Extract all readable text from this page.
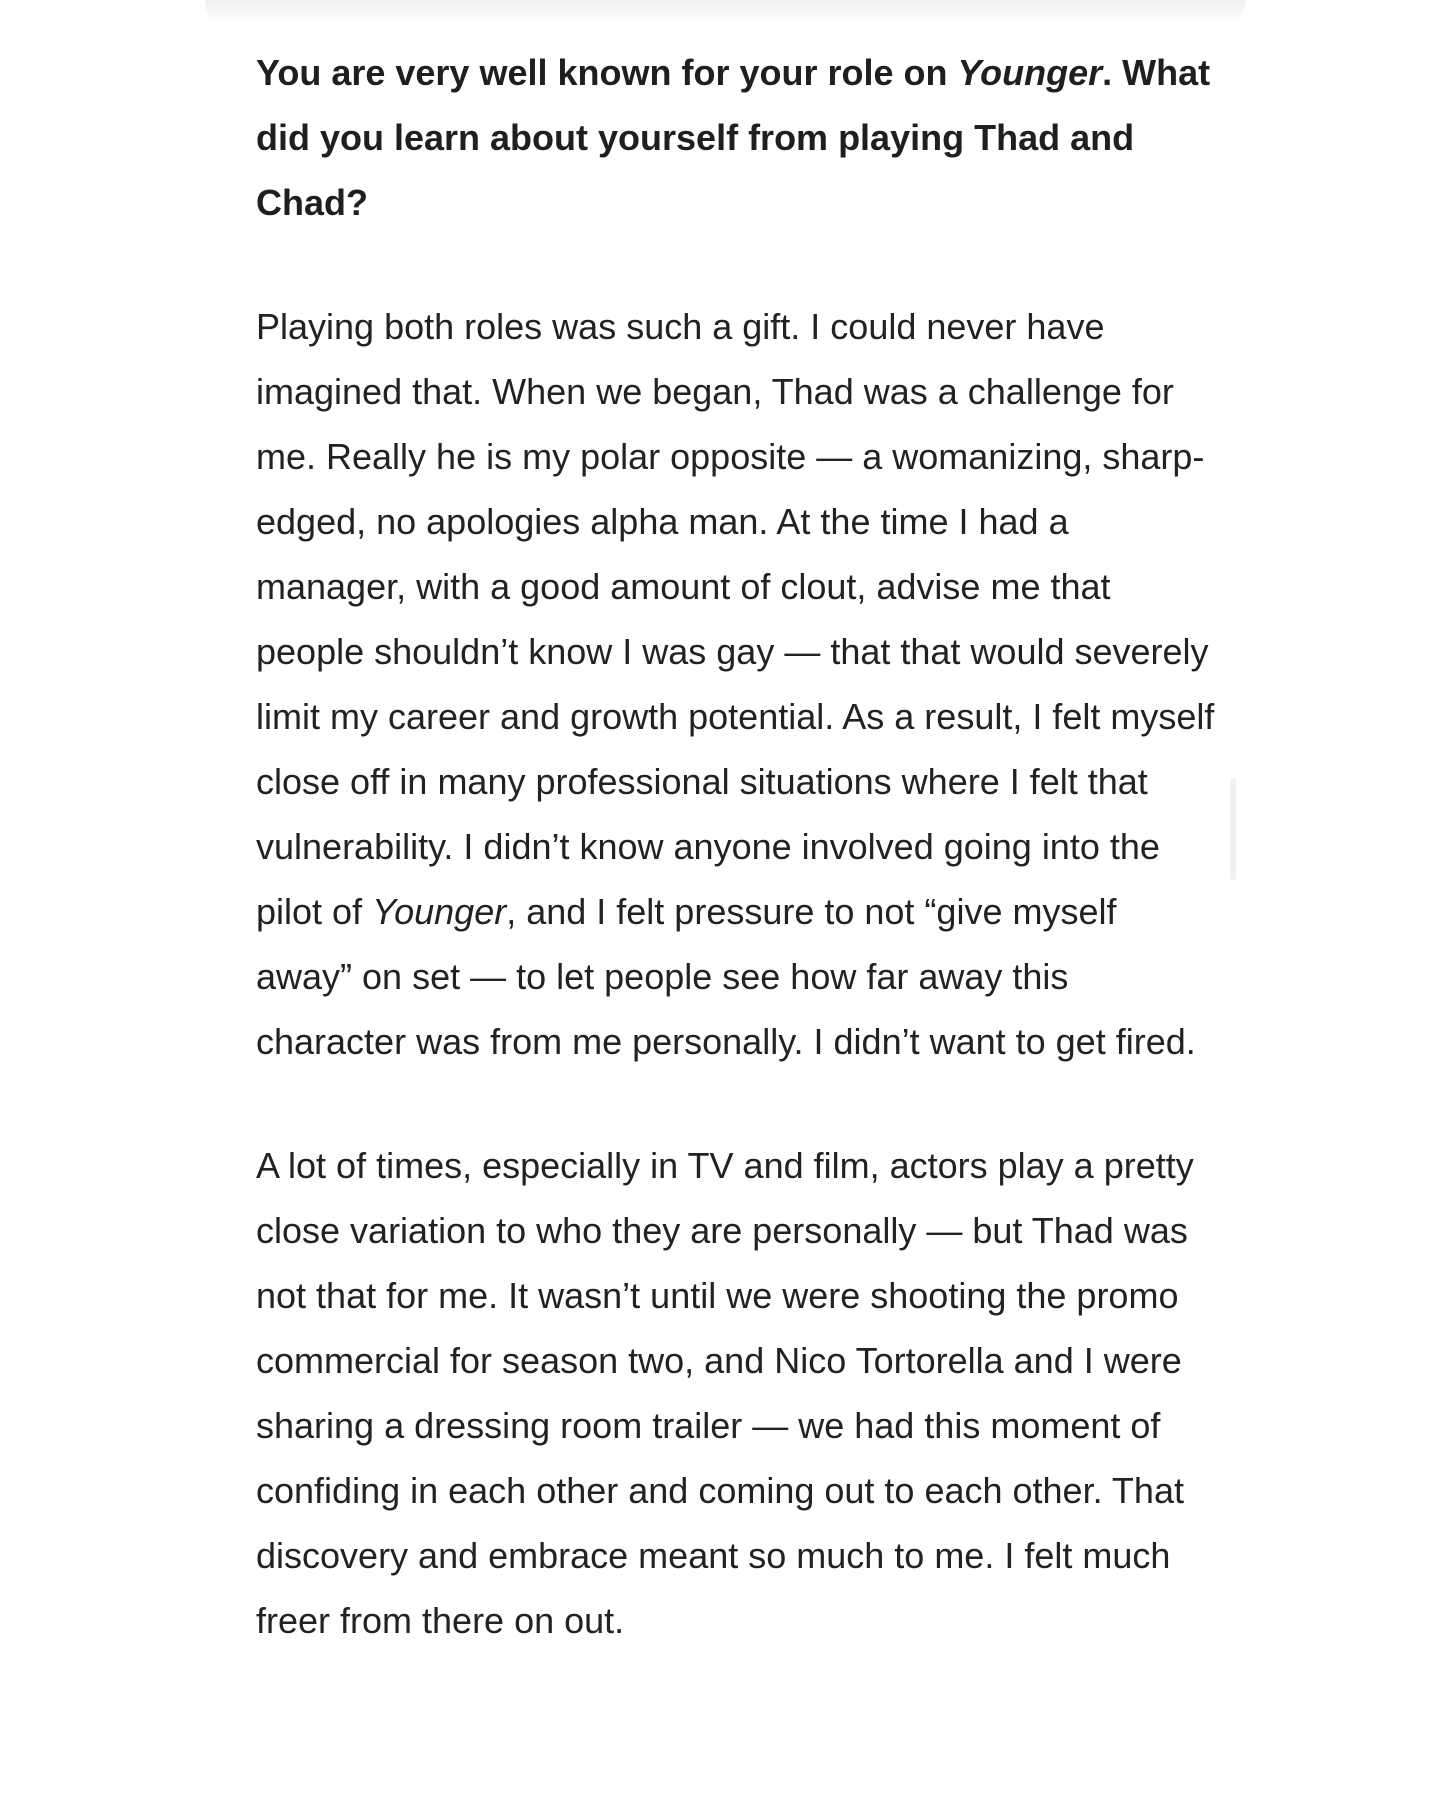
You are very well known for your role on Younger. What did you learn about yourself from playing Thad and Chad?

Playing both roles was such a gift. I could never have imagined that. When we began, Thad was a challenge for me. Really he is my polar opposite — a womanizing, sharp-edged, no apologies alpha man. At the time I had a manager, with a good amount of clout, advise me that people shouldn’t know I was gay — that that would severely limit my career and growth potential. As a result, I felt myself close off in many professional situations where I felt that vulnerability. I didn’t know anyone involved going into the pilot of Younger, and I felt pressure to not “give myself away” on set — to let people see how far away this character was from me personally. I didn’t want to get fired.

A lot of times, especially in TV and film, actors play a pretty close variation to who they are personally — but Thad was not that for me. It wasn’t until we were shooting the promo commercial for season two, and Nico Tortorella and I were sharing a dressing room trailer — we had this moment of confiding in each other and coming out to each other. That discovery and embrace meant so much to me. I felt much freer from there on out.
